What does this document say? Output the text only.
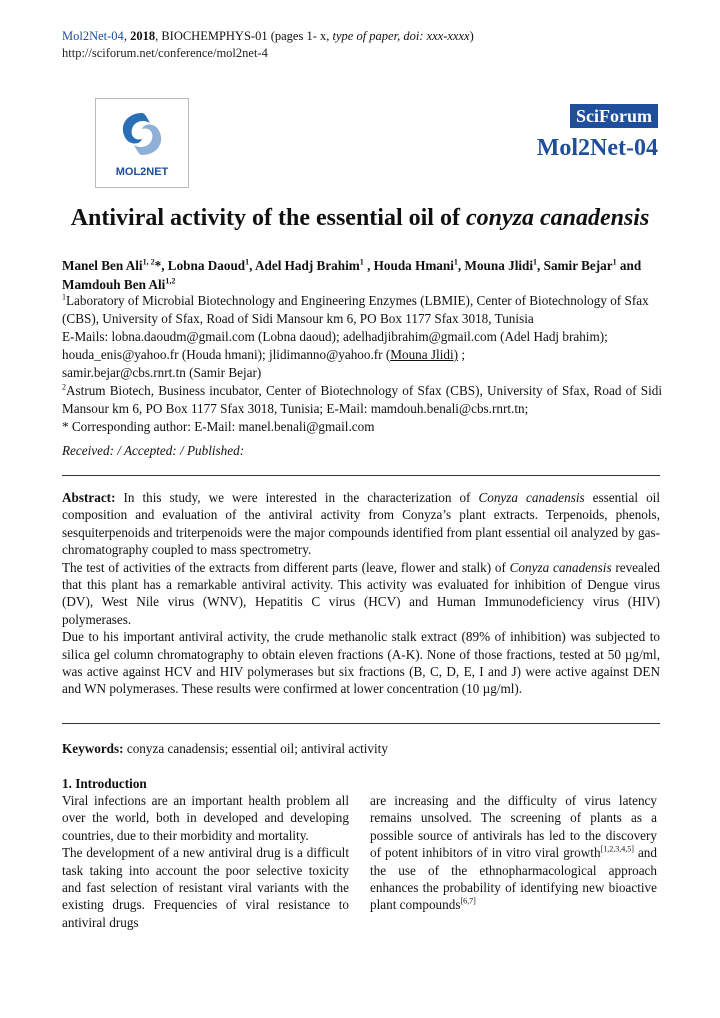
Mol2Net-04, 2018, BIOCHEMPHYS-01 (pages 1- x, type of paper, doi: xxx-xxxx)
http://sciforum.net/conference/mol2net-4
MOL2NET
SciForum
Mol2Net-04
Antiviral activity of the essential oil of conyza canadensis
Manel Ben Ali$^{1, 2}$*, Lobna Daoud$^1$, Adel Hadj Brahim$^1$ , Houda Hmani$^1$, Mouna Jlidi$^1$, Samir Bejar$^1$ and Mamdouh Ben Ali$^{1,2}$

$^1$Laboratory of Microbial Biotechnology and Engineering Enzymes (LBMIE), Center of Biotechnology of Sfax (CBS), University of Sfax, Road of Sidi Mansour km 6, PO Box 1177 Sfax 3018, Tunisia

E-Mails: lobna.daoudm@gmail.com (Lobna daoud); adelhadjibrahim@gmail.com (Adel Hadj brahim); houda_enis@yahoo.fr (Houda hmani); jlidimanno@yahoo.fr (Mouna Jlidi) ;

samir.bejar@cbs.rnrt.tn (Samir Bejar)

$^2$Astrum Biotech, Business incubator, Center of Biotechnology of Sfax (CBS), University of Sfax, Road of Sidi Mansour km 6, PO Box 1177 Sfax 3018, Tunisia; E-Mail: mamdouh.benali@cbs.rnrt.tn;

* Corresponding author: E-Mail: manel.benali@gmail.com

Received: / Accepted: / Published:

Abstract: In this study, we were interested in the characterization of Conyza canadensis essential oil composition and evaluation of the antiviral activity from Conyza’s plant extracts. Terpenoids, phenols, sesquiterpenoids and triterpenoids were the major compounds identified from plant essential oil analyzed by gas-chromatography coupled to mass spectrometry.

The test of activities of the extracts from different parts (leave, flower and stalk) of Conyza canadensis revealed that this plant has a remarkable antiviral activity. This activity was evaluated for inhibition of Dengue virus (DV), West Nile virus (WNV), Hepatitis C virus (HCV) and Human Immunodeficiency virus (HIV) polymerases.

Due to his important antiviral activity, the crude methanolic stalk extract (89% of inhibition) was subjected to silica gel column chromatography to obtain eleven fractions (A-K). None of those fractions, tested at 50 µg/ml, was active against HCV and HIV polymerases but six fractions (B, C, D, E, I and J) were active against DEN and WN polymerases. These results were confirmed at lower concentration (10 µg/ml).

Keywords: conyza canadensis; essential oil; antiviral activity
1. Introduction

Viral infections are an important health problem all over the world, both in developed and developing countries, due to their morbidity and mortality.

The development of a new antiviral drug is a difficult task taking into account the poor selective toxicity and fast selection of resistant viral variants with the existing drugs. Frequencies of viral resistance to antiviral drugs

are increasing and the difficulty of virus latency remains unsolved. The screening of plants as a possible source of antivirals has led to the discovery of potent inhibitors of in vitro viral growth[1,2,3,4,5] and the use of the ethnopharmacological approach enhances the probability of identifying new bioactive plant compounds[6,7]
